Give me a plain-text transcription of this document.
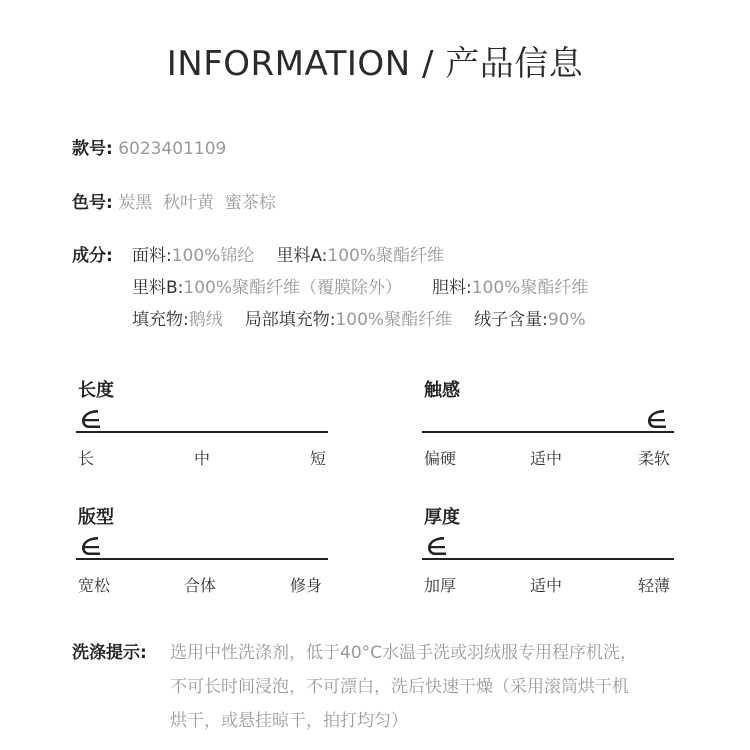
INFORMATION / 产品信息
款号: 6023401109
色号: 炭黑  秋叶黄  蜜茶棕
成分: 面料:100%锦纶 里料A:100%聚酯纤维
里料B:100%聚酯纤维（覆膜除外） 胆料:100%聚酯纤维
填充物:鹅绒 局部填充物:100%聚酯纤维 绒子含量:90%
长度
长	中	短
触感
偏硬	适中	柔软
版型
宽松	合体	修身
厚度
加厚	适中	轻薄
洗涤提示: 选用中性洗涤剂，低于40°C水温手洗或羽绒服专用程序机洗，
不可长时间浸泡，不可漂白，洗后快速干燥（采用滚筒烘干机
烘干，或悬挂晾干，拍打均匀）
